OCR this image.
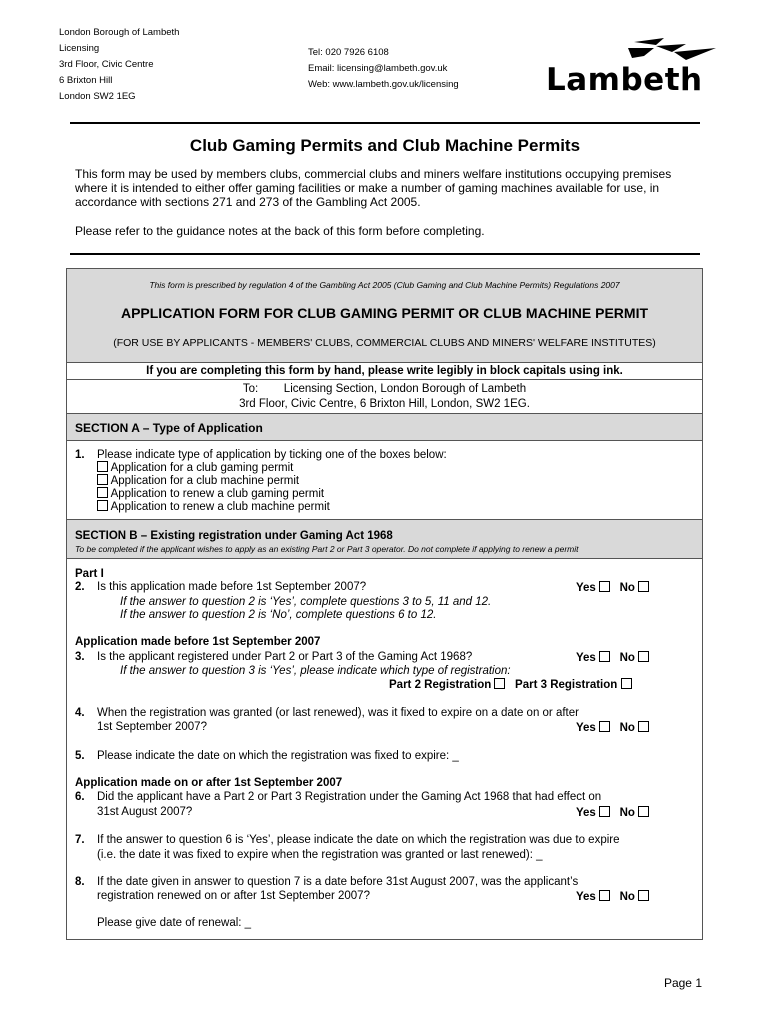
London Borough of Lambeth
Licensing
3rd Floor, Civic Centre
6 Brixton Hill
London SW2 1EG
Tel: 020 7926 6108
Email: licensing@lambeth.gov.uk
Web: www.lambeth.gov.uk/licensing	Lambeth
Club Gaming Permits and Club Machine Permits

This form may be used by members clubs, commercial clubs and miners welfare institutions occupying premises where it is intended to either offer gaming facilities or make a number of gaming machines available for use, in accordance with sections 271 and 273 of the Gambling Act 2005.

Please refer to the guidance notes at the back of this form before completing.

This form is prescribed by regulation 4 of the Gambling Act 2005 (Club Gaming and Club Machine Permits) Regulations 2007
APPLICATION FORM FOR CLUB GAMING PERMIT OR CLUB MACHINE PERMIT
(FOR USE BY APPLICANTS - MEMBERS' CLUBS, COMMERCIAL CLUBS AND MINERS' WELFARE INSTITUTES)
If you are completing this form by hand, please write legibly in block capitals using ink.
To:        Licensing Section, London Borough of Lambeth
3rd Floor, Civic Centre, 6 Brixton Hill, London, SW2 1EG.
SECTION A – Type of Application
1. Please indicate type of application by ticking one of the boxes below:
Application for a club gaming permit
Application for a club machine permit
Application to renew a club gaming permit
Application to renew a club machine permit
SECTION B – Existing registration under Gaming Act 1968
To be completed if the applicant wishes to apply as an existing Part 2 or Part 3 operator. Do not complete if applying to renew a permit
Part I
2. Is this application made before 1st September 2007?	Yes No
If the answer to question 2 is ‘Yes’, complete questions 3 to 5, 11 and 12.
If the answer to question 2 is ‘No’, complete questions 6 to 12.
Application made before 1st September 2007
3. Is the applicant registered under Part 2 or Part 3 of the Gaming Act 1968?	Yes No
If the answer to question 3 is ‘Yes’, please indicate which type of registration:
Part 2 Registration Part 3 Registration
4. When the registration was granted (or last renewed), was it fixed to expire on a date on or after
1st September 2007?	Yes No
5. Please indicate the date on which the registration was fixed to expire: _
Application made on or after 1st September 2007
6. Did the applicant have a Part 2 or Part 3 Registration under the Gaming Act 1968 that had effect on
31st August 2007?	Yes No
7. If the answer to question 6 is ‘Yes’, please indicate the date on which the registration was due to expire
(i.e. the date it was fixed to expire when the registration was granted or last renewed): _
8. If the date given in answer to question 7 is a date before 31st August 2007, was the applicant’s
registration renewed on or after 1st September 2007?	Yes No
Please give date of renewal: _
Page 1
